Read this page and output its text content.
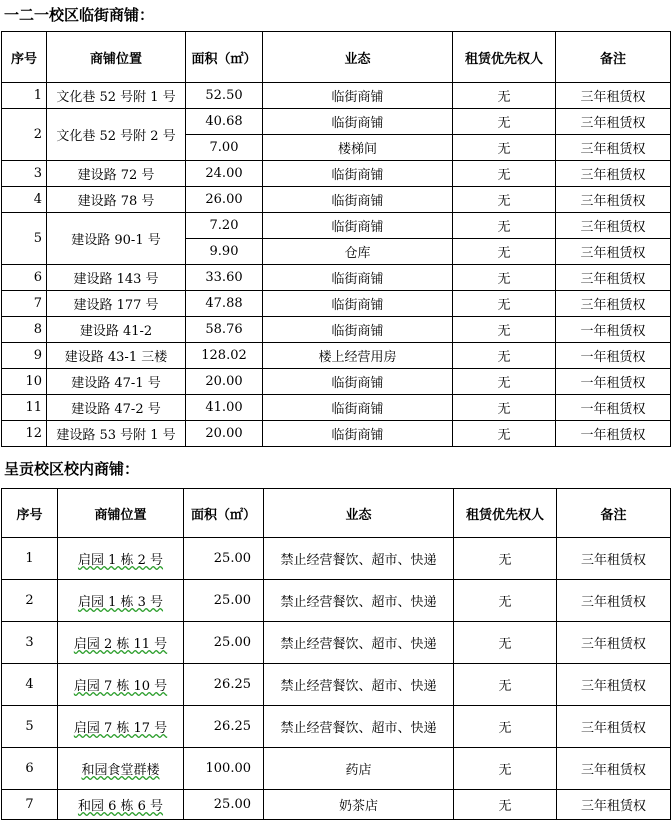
一二一校区临街商铺：
序号	商铺位置	面积（㎡）	业态	租赁优先权人	备注
1	文化巷 52 号附 1 号	52.50	临街商铺	无	三年租赁权
2	文化巷 52 号附 2 号	40.68	临街商铺	无	三年租赁权
		7.00	楼梯间	无	三年租赁权
3	建设路 72 号	24.00	临街商铺	无	三年租赁权
4	建设路 78 号	26.00	临街商铺	无	三年租赁权
5	建设路 90-1 号	7.20	临街商铺	无	三年租赁权
		9.90	仓库	无	三年租赁权
6	建设路 143 号	33.60	临街商铺	无	三年租赁权
7	建设路 177 号	47.88	临街商铺	无	三年租赁权
8	建设路 41-2	58.76	临街商铺	无	一年租赁权
9	建设路 43-1 三楼	128.02	楼上经营用房	无	一年租赁权
10	建设路 47-1 号	20.00	临街商铺	无	一年租赁权
11	建设路 47-2 号	41.00	临街商铺	无	一年租赁权
12	建设路 53 号附 1 号	20.00	临街商铺	无	一年租赁权
呈贡校区校内商铺：
序号	商铺位置	面积（㎡）	业态	租赁优先权人	备注
1	启园 1 栋 2 号	25.00	禁止经营餐饮、超市、快递	无	三年租赁权
2	启园 1 栋 3 号	25.00	禁止经营餐饮、超市、快递	无	三年租赁权
3	启园 2 栋 11 号	25.00	禁止经营餐饮、超市、快递	无	三年租赁权
4	启园 7 栋 10 号	26.25	禁止经营餐饮、超市、快递	无	三年租赁权
5	启园 7 栋 17 号	26.25	禁止经营餐饮、超市、快递	无	三年租赁权
6	和园食堂群楼	100.00	药店	无	三年租赁权
7	和园 6 栋 6 号	25.00	奶茶店	无	三年租赁权
